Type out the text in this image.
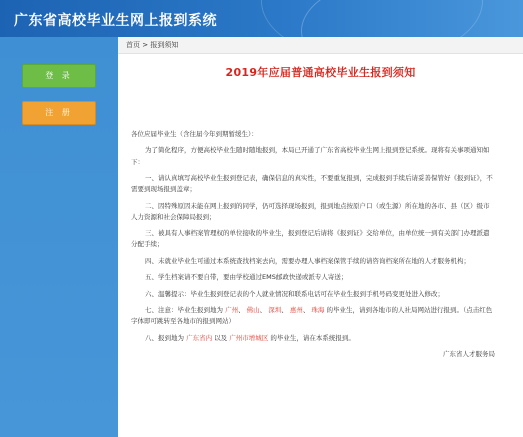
广东省高校毕业生网上报到系统
登 录
注 册
首页 > 报到须知
2019年应届普通高校毕业生报到须知

各位应届毕业生（含往届今年到期暂缓生）：

为了简化程序，方便高校毕业生随时随地报到，本局已开通了广东省高校毕业生网上报到登记系统。现将有关事项通知如下：

一、请认真填写高校毕业生报到登记表，确保信息的真实性，不要重复报到，完成报到手续后请妥善保管好《报到证》，不需要到现场报到盖章；

二、因特殊原因未能在网上报到的同学，仍可选择现场报到，报到地点按原户口（或生源）所在地的各市、县（区）级市人力资源和社会保障局报到；

三、被具有人事档案管理权的单位接收的毕业生，报到登记后请将《报到证》交给单位，由单位统一到有关部门办理派遣分配手续；

四、未就业毕业生可通过本系统查找档案去向，需要办理人事档案保管手续的请咨询档案所在地的人才服务机构；

五、学生档案请不要自带，要由学校通过EMS邮政快递或派专人寄送；

六、温馨提示：毕业生报到登记表的个人就业情况和联系电话可在毕业生报到手机号码变更处进入修改；

七、注意：毕业生报到地为 广州、 佛山、 深圳、 惠州、 珠海 的毕业生，请到各地市的人社局网站进行报到。（点击红色字体即可跳转至各地市的报到网站）

八、报到地为 广东省内 以及 广州市增城区 的毕业生，请在本系统报到。

广东省人才服务局
